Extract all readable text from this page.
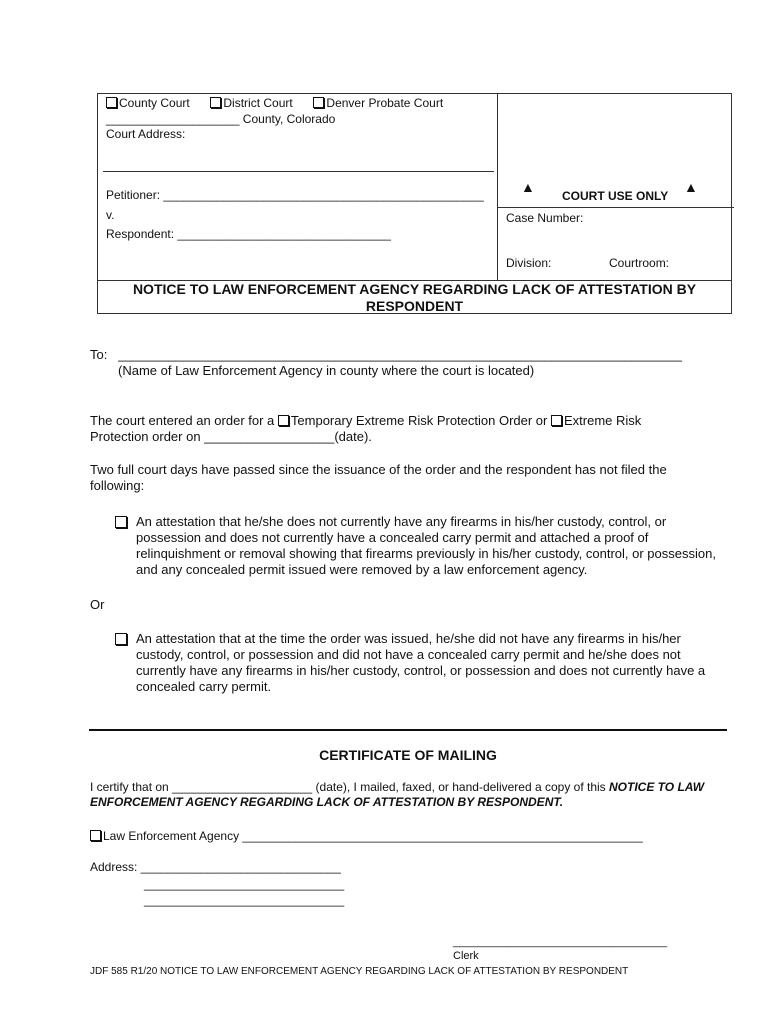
County Court	District Court	Denver Probate Court
____________________ County, Colorado
Court Address:
Petitioner: ________________________________________________
v.
Respondent: ________________________________
▲
COURT USE ONLY
▲
Case Number:
Division:	Courtroom:
NOTICE TO LAW ENFORCEMENT AGENCY REGARDING LACK OF ATTESTATION BY RESPONDENT
To: ______________________________________________________________________________
(Name of Law Enforcement Agency in county where the court is located)
The court entered an order for a Temporary Extreme Risk Protection Order or Extreme Risk
Protection order on __________________(date).
Two full court days have passed since the issuance of the order and the respondent has not filed the following:
An attestation that he/she does not currently have any firearms in his/her custody, control, or possession and does not currently have a concealed carry permit and attached a proof of relinquishment or removal showing that firearms previously in his/her custody, control, or possession, and any concealed permit issued were removed by a law enforcement agency.
Or
An attestation that at the time the order was issued, he/she did not have any firearms in his/her custody, control, or possession and did not have a concealed carry permit and he/she does not currently have any firearms in his/her custody, control, or possession and does not currently have a concealed carry permit.
CERTIFICATE OF MAILING
I certify that on _____________________ (date), I mailed, faxed, or hand-delivered a copy of this NOTICE TO LAW ENFORCEMENT AGENCY REGARDING LACK OF ATTESTATION BY RESPONDENT.
Law Enforcement Agency ____________________________________________________________
Address: ______________________________
______________________________
______________________________
___________________________________
Clerk
JDF 585 R1/20 NOTICE TO LAW ENFORCEMENT AGENCY REGARDING LACK OF ATTESTATION BY RESPONDENT
